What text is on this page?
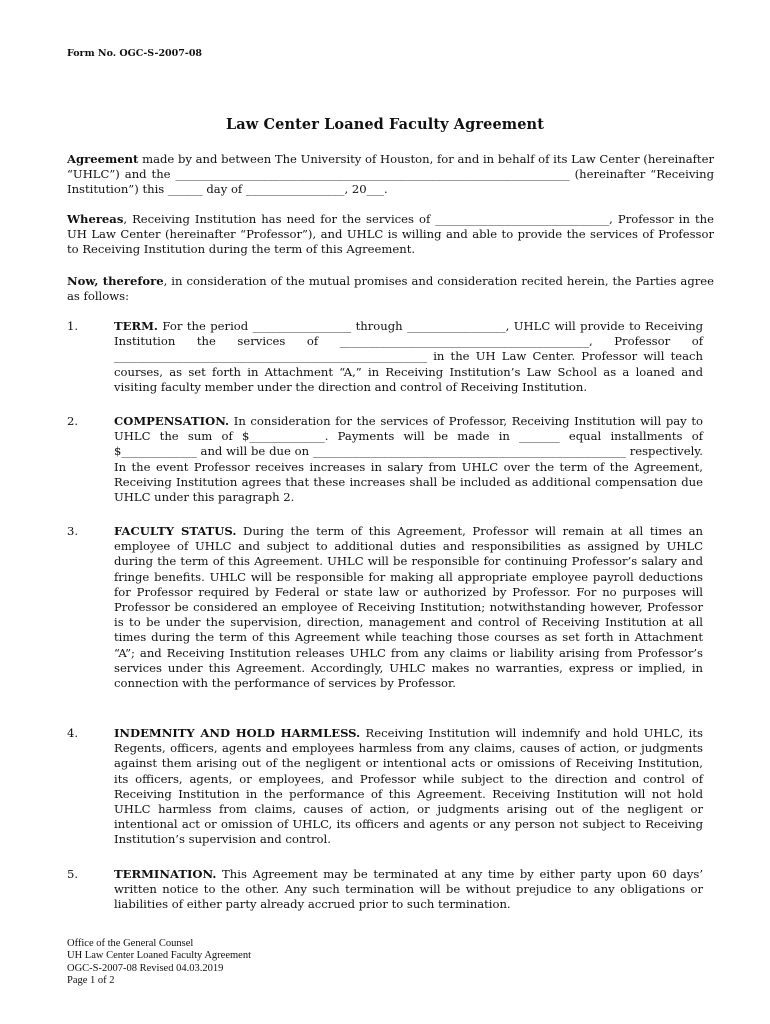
Form No. OGC-S-2007-08
Law Center Loaned Faculty Agreement
Agreement made by and between The University of Houston, for and in behalf of its Law Center (hereinafter “UHLC”) and the ____________________________________________________________________ (hereinafter “Receiving Institution”) this ______ day of _________________, 20___.
Whereas, Receiving Institution has need for the services of ______________________________, Professor in the UH Law Center (hereinafter “Professor”), and UHLC is willing and able to provide the services of Professor to Receiving Institution during the term of this Agreement.
Now, therefore, in consideration of the mutual promises and consideration recited herein, the Parties agree as follows:
1.	TERM. For the period _________________ through _________________, UHLC will provide to Receiving Institution the services of ___________________________________________, Professor of ______________________________________________________ in the UH Law Center. Professor will teach courses, as set forth in Attachment “A,” in Receiving Institution’s Law School as a loaned and visiting faculty member under the direction and control of Receiving Institution.
2.	COMPENSATION. In consideration for the services of Professor, Receiving Institution will pay to UHLC the sum of $_____________. Payments will be made in _______ equal installments of $_____________ and will be due on ______________________________________________________ respectively. In the event Professor receives increases in salary from UHLC over the term of the Agreement, Receiving Institution agrees that these increases shall be included as additional compensation due UHLC under this paragraph 2.
3.	FACULTY STATUS. During the term of this Agreement, Professor will remain at all times an employee of UHLC and subject to additional duties and responsibilities as assigned by UHLC during the term of this Agreement. UHLC will be responsible for continuing Professor’s salary and fringe benefits. UHLC will be responsible for making all appropriate employee payroll deductions for Professor required by Federal or state law or authorized by Professor. For no purposes will Professor be considered an employee of Receiving Institution; notwithstanding however, Professor is to be under the supervision, direction, management and control of Receiving Institution at all times during the term of this Agreement while teaching those courses as set forth in Attachment “A”; and Receiving Institution releases UHLC from any claims or liability arising from Professor’s services under this Agreement. Accordingly, UHLC makes no warranties, express or implied, in connection with the performance of services by Professor.
4.	INDEMNITY AND HOLD HARMLESS. Receiving Institution will indemnify and hold UHLC, its Regents, officers, agents and employees harmless from any claims, causes of action, or judgments against them arising out of the negligent or intentional acts or omissions of Receiving Institution, its officers, agents, or employees, and Professor while subject to the direction and control of Receiving Institution in the performance of this Agreement. Receiving Institution will not hold UHLC harmless from claims, causes of action, or judgments arising out of the negligent or intentional act or omission of UHLC, its officers and agents or any person not subject to Receiving Institution’s supervision and control.
5.	TERMINATION. This Agreement may be terminated at any time by either party upon 60 days’ written notice to the other. Any such termination will be without prejudice to any obligations or liabilities of either party already accrued prior to such termination.
Office of the General Counsel
UH Law Center Loaned Faculty Agreement
OGC-S-2007-08 Revised 04.03.2019
Page 1 of 2
